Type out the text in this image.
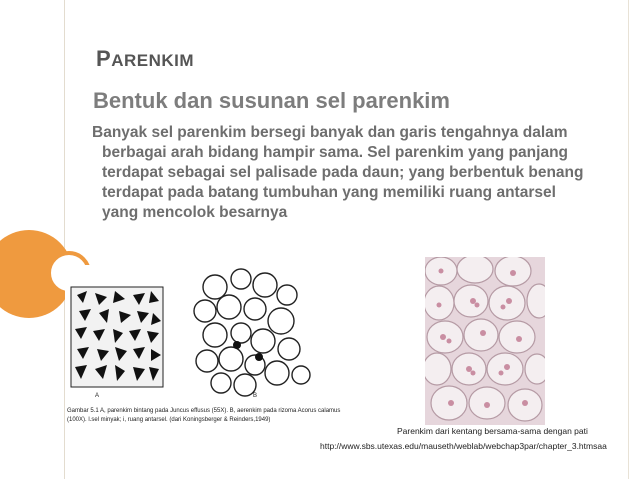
PARENKIM
Bentuk dan susunan sel parenkim
Banyak sel parenkim bersegi banyak dan garis tengahnya dalam berbagai arah bidang hampir sama. Sel parenkim yang panjang terdapat sebagai sel palisade pada daun; yang berbentuk benang terdapat pada batang tumbuhan yang memiliki ruang antarsel yang mencolok besarnya
A	B
Gambar 5.1 A, parenkim bintang pada Juncus effusus (55X). B, aerenkim pada rizoma Acorus calamus
(100X). l.sel minyak; i, ruang antarsel. (dari Koningsberger & Reinders,1949)
Parenkim dari kentang bersama-sama dengan pati
http://www.sbs.utexas.edu/mauseth/weblab/webchap3par/chapter_3.htmsaa
